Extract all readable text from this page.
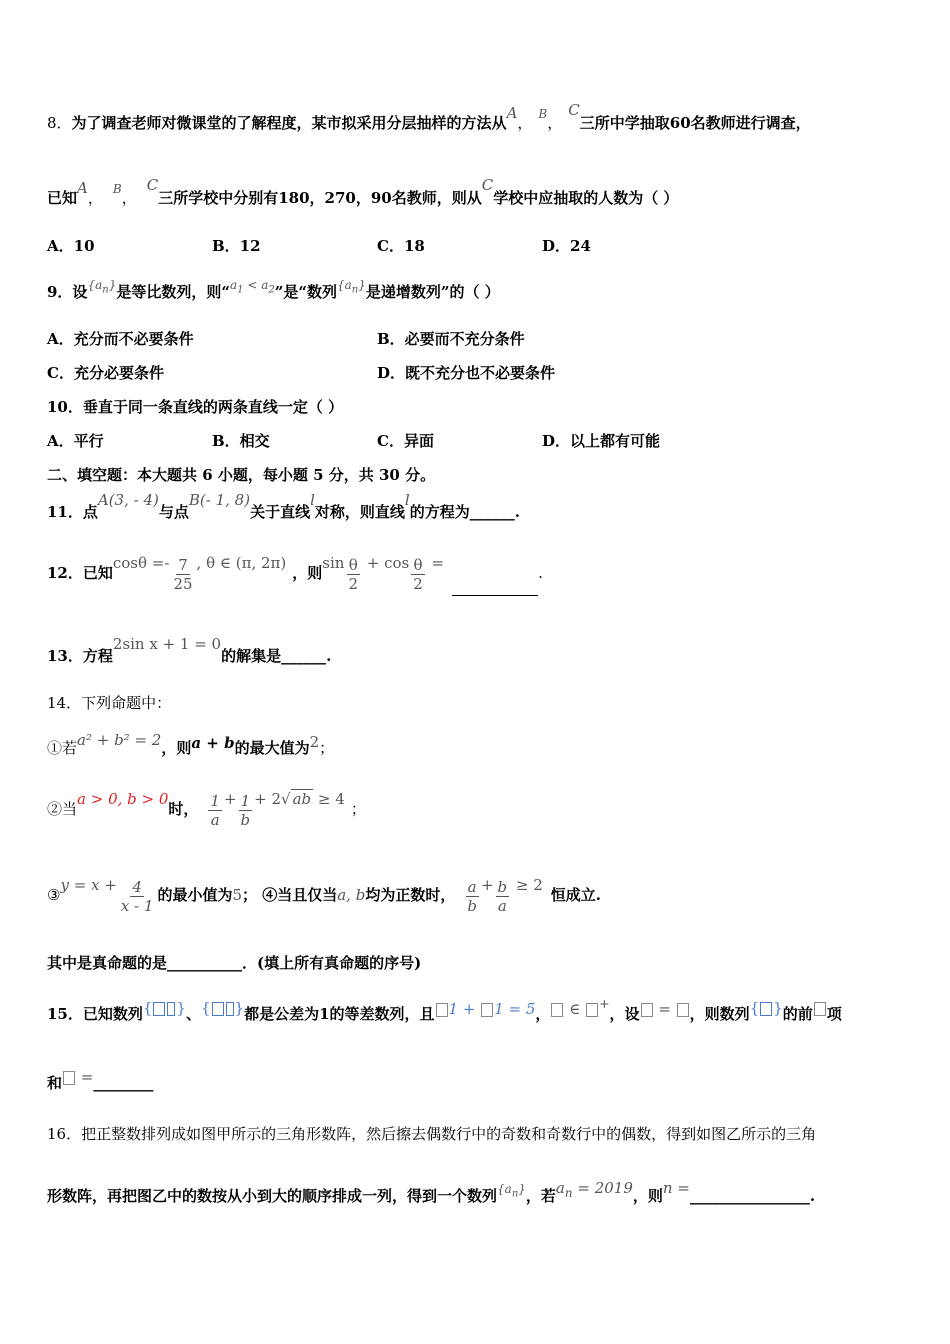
8．为了调查老师对微课堂的了解程度，某市拟采用分层抽样的方法从A， $^B$，C三所中学抽取60名教师进行调查，
已知A， $^B$，C三所学校中分别有180，270，90名教师，则从C学校中应抽取的人数为（ ）
A．10	B．12	C．18	D．24
9．设$^{\{a_n\}}$是等比数列，则“$^{a_1 < a_2}$”是“数列$^{\{a_n\}}$是递增数列”的（ ）
A．充分而不必要条件	B．必要而不充分条件
C．充分必要条件	D．既不充分也不必要条件
10．垂直于同一条直线的两条直线一定（ ）
A．平行	B．相交	C．异面	D．以上都有可能
二、填空题：本大题共 6 小题，每小题 5 分，共 30 分。
11．点A(3, - 4)与点B(- 1, 8)关于直线l对称，则直线l的方程为______.
12．已知$\cos\theta =- \frac{7}{25}$ , θ ∈ (π, 2π)，则$\sin \frac{\theta}{2} + \cos \frac{\theta}{2}$ =.
13．方程2sin x + 1 = 0的解集是______.
14．下列命题中：
①若a² + b² = 2，则a + b的最大值为2；
②当a > 0, b > 0时， $\frac{1}{a} + \frac{1}{b} + 2√$ ab ≥ 4；
③y = $x + \frac{4}{x - 1}$ 的最小值为5； ④当且仅当a, b均为正数时， $\frac{a}{b} + \frac{b}{a} \ge 2$恒成立.
其中是真命题的是__________．(填上所有真命题的序号)
15．已知数列{ }、{ }都是公差为1的等差数列，且 1 + 1 = 5， ∈ +，设 = ，则数列{ }的前 项
和 =________
16．把正整数排列成如图甲所示的三角形数阵，然后擦去偶数行中的奇数和奇数行中的偶数，得到如图乙所示的三角
形数阵，再把图乙中的数按从小到大的顺序排成一列，得到一个数列$^{\{a_n\}}$，若$a_n = 2019$，则n =________________.
